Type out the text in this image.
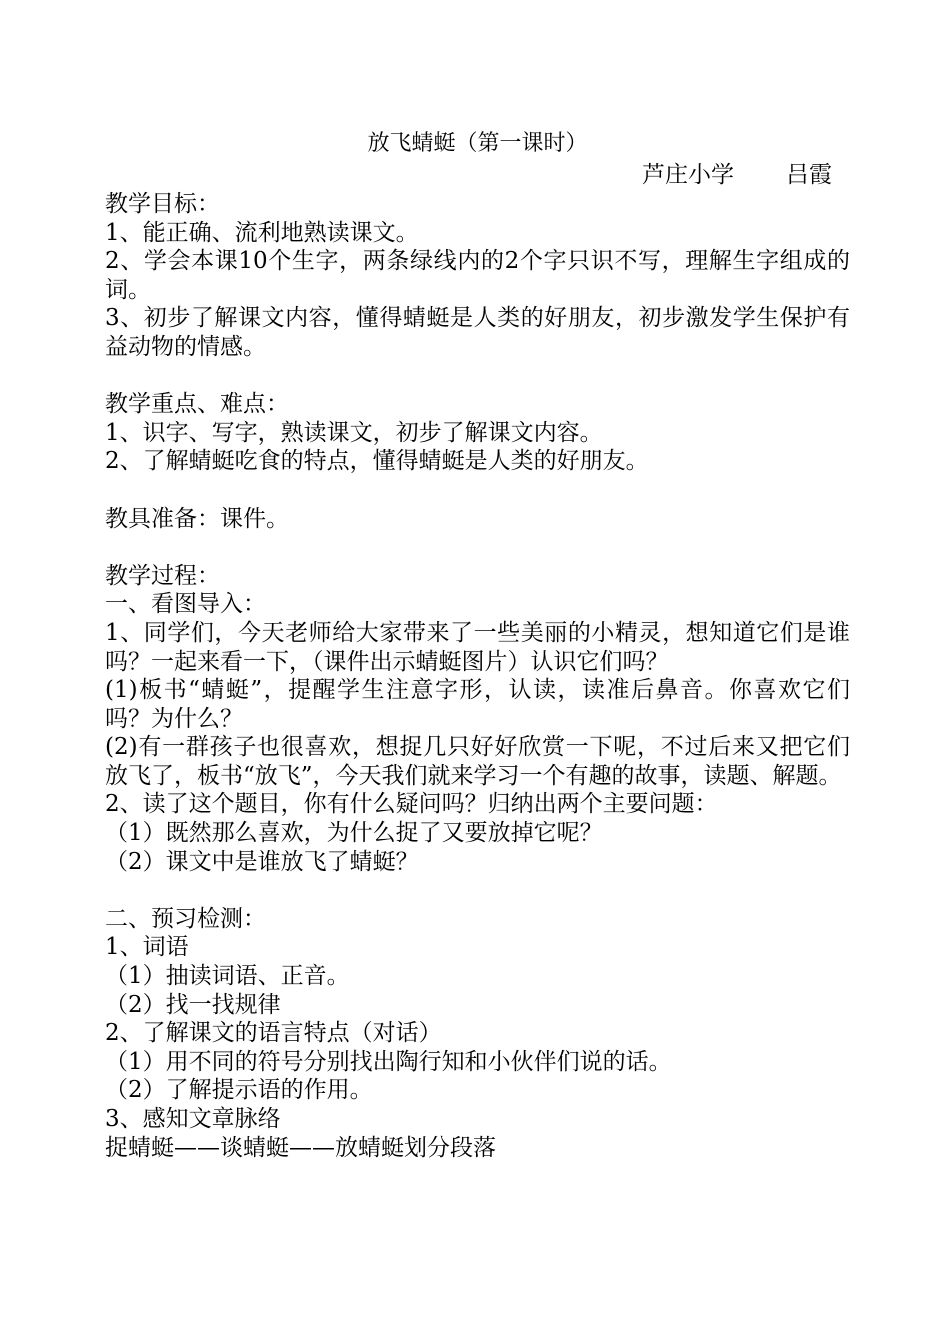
放飞蜻蜓（第一课时）
芦庄小学 吕霞
教学目标：
1、能正确、流利地熟读课文。
2、学会本课10个生字，两条绿线内的2个字只识不写，理解生字组成的词。
3、初步了解课文内容，懂得蜻蜓是人类的好朋友，初步激发学生保护有益动物的情感。
教学重点、难点：
1、识字、写字，熟读课文，初步了解课文内容。
2、了解蜻蜓吃食的特点，懂得蜻蜓是人类的好朋友。
教具准备：课件。
教学过程：
一、看图导入：
1、同学们，今天老师给大家带来了一些美丽的小精灵，想知道它们是谁吗？一起来看一下，（课件出示蜻蜓图片）认识它们吗？
(1)板书“蜻蜓”，提醒学生注意字形，认读，读准后鼻音。你喜欢它们吗？为什么？
(2)有一群孩子也很喜欢，想捉几只好好欣赏一下呢，不过后来又把它们放飞了，板书“放飞”，今天我们就来学习一个有趣的故事，读题、解题。
2、读了这个题目，你有什么疑问吗？归纳出两个主要问题：
（1）既然那么喜欢，为什么捉了又要放掉它呢？
（2）课文中是谁放飞了蜻蜓？
二、预习检测：
1、词语
（1）抽读词语、正音。
（2）找一找规律
2、了解课文的语言特点（对话）
（1）用不同的符号分别找出陶行知和小伙伴们说的话。
（2）了解提示语的作用。
3、感知文章脉络
捉蜻蜓——谈蜻蜓——放蜻蜓划分段落
